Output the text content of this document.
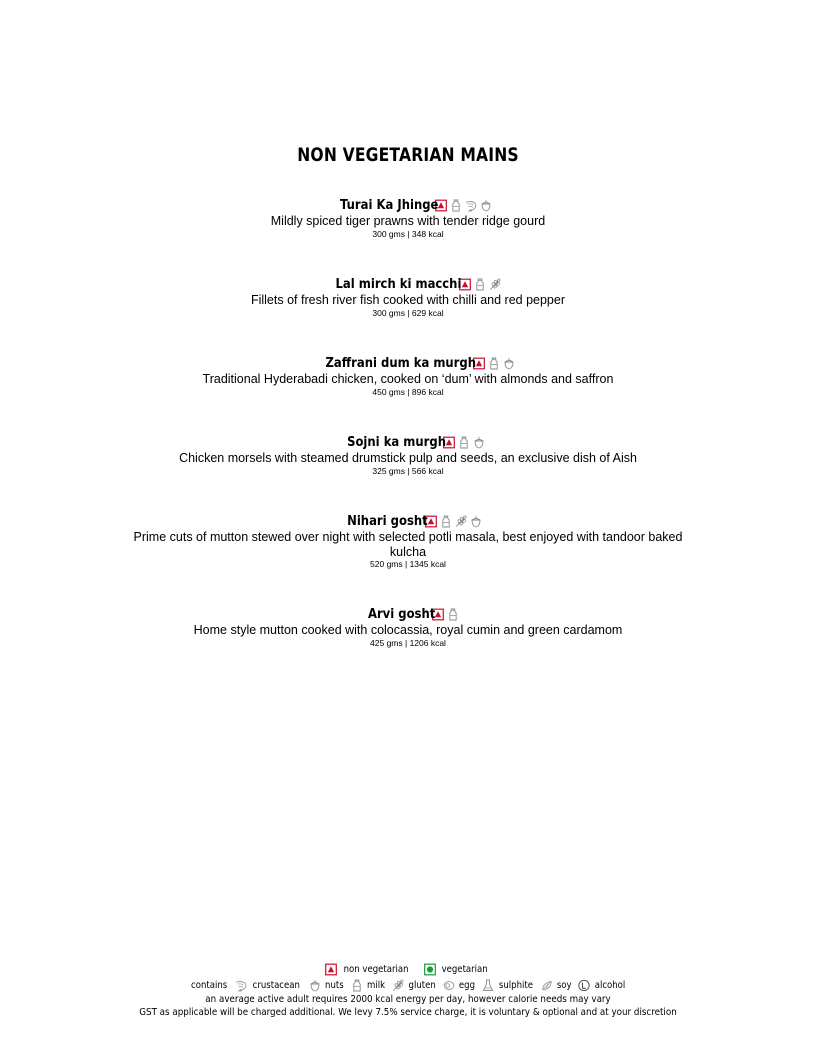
NON VEGETARIAN MAINS
Turai Ka Jhinge
Mildly spiced tiger prawns with tender ridge gourd
300 gms | 348 kcal
Lal mirch ki macchi
Fillets of fresh river fish cooked with chilli and red pepper
300 gms | 629 kcal
Zaffrani dum ka murgh
Traditional Hyderabadi chicken, cooked on ‘dum’ with almonds and saffron
450 gms | 896 kcal
Sojni ka murgh
Chicken morsels with steamed drumstick pulp and seeds, an exclusive dish of Aish
325 gms | 566 kcal
Nihari gosht
Prime cuts of mutton stewed over night with selected potli masala, best enjoyed with tandoor baked kulcha
520 gms | 1345 kcal
Arvi gosht
Home style mutton cooked with colocassia, royal cumin and green cardamom
425 gms | 1206 kcal
non vegetarian	vegetarian
contains	crustacean	nuts milk gluten egg	sulphite soy alcohol
an average active adult requires 2000 kcal energy per day, however calorie needs may vary
GST as applicable will be charged additional. We levy 7.5% service charge, it is voluntary & optional and at your discretion
